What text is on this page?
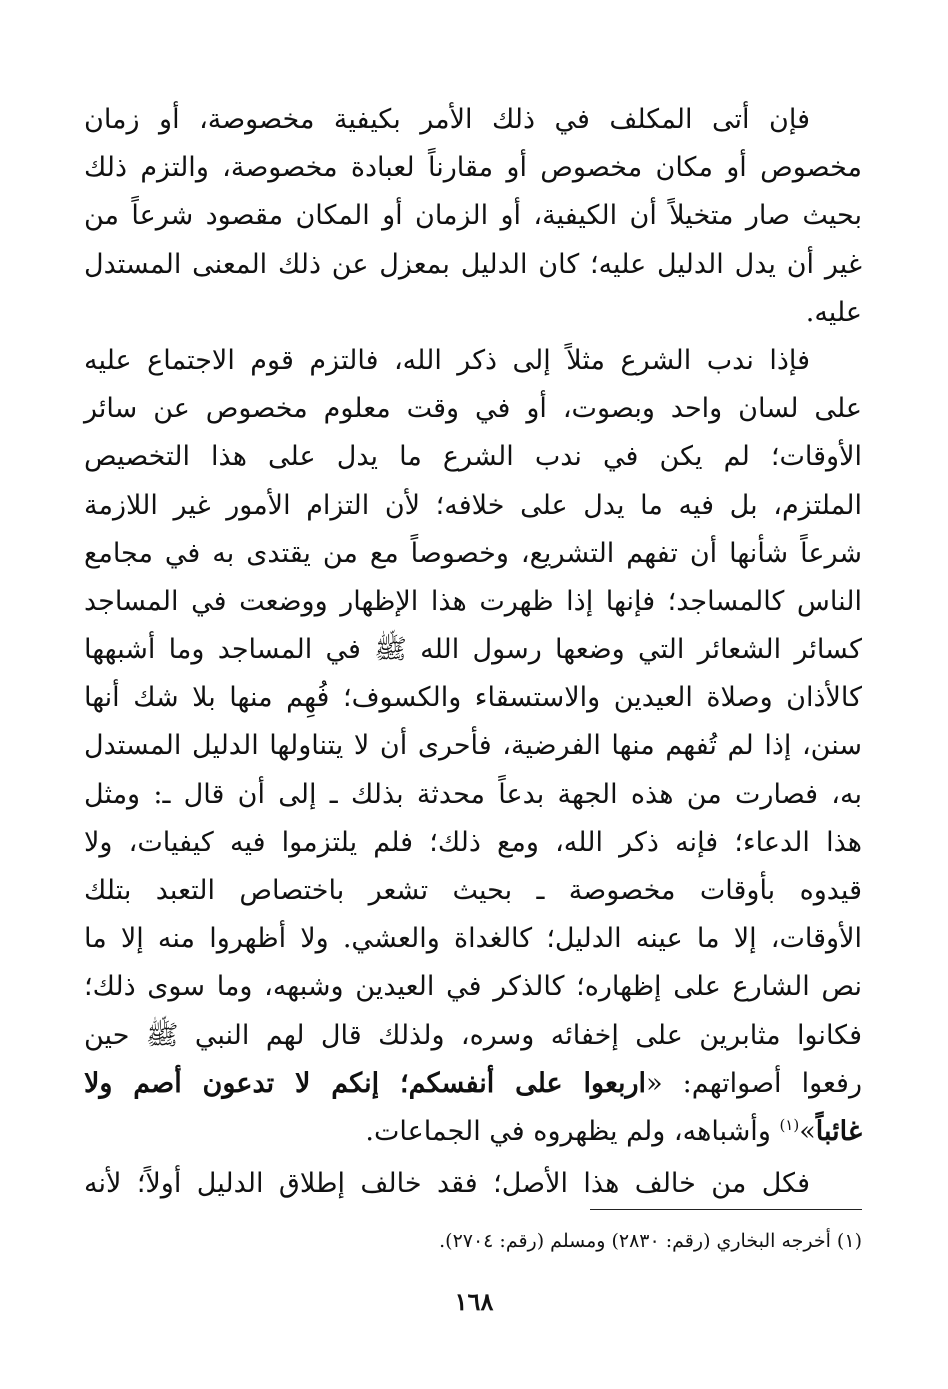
فإن أتى المكلف في ذلك الأمر بكيفية مخصوصة، أو زمان
مخصوص أو مكان مخصوص أو مقارناً لعبادة مخصوصة، والتزم ذلك
بحيث صار متخيلاً أن الكيفية، أو الزمان أو المكان مقصود شرعاً من
غير أن يدل الدليل عليه؛ كان الدليل بمعزل عن ذلك المعنى المستدل
عليه.
فإذا ندب الشرع مثلاً إلى ذكر الله، فالتزم قوم الاجتماع عليه
على لسان واحد وبصوت، أو في وقت معلوم مخصوص عن سائر
الأوقات؛ لم يكن في ندب الشرع ما يدل على هذا التخصيص
الملتزم، بل فيه ما يدل على خلافه؛ لأن التزام الأمور غير اللازمة
شرعاً شأنها أن تفهم التشريع، وخصوصاً مع من يقتدى به في مجامع
الناس كالمساجد؛ فإنها إذا ظهرت هذا الإظهار ووضعت في المساجد
كسائر الشعائر التي وضعها رسول الله ﷺ في المساجد وما أشبهها
كالأذان وصلاة العيدين والاستسقاء والكسوف؛ فُهِم منها بلا شك أنها
سنن، إذا لم تُفهم منها الفرضية، فأحرى أن لا يتناولها الدليل المستدل
به، فصارت من هذه الجهة بدعاً محدثة بذلك ـ إلى أن قال ـ: ومثل
هذا الدعاء؛ فإنه ذكر الله، ومع ذلك؛ فلم يلتزموا فيه كيفيات، ولا
قيدوه بأوقات مخصوصة ـ بحيث تشعر باختصاص التعبد بتلك
الأوقات، إلا ما عينه الدليل؛ كالغداة والعشي. ولا أظهروا منه إلا ما
نص الشارع على إظهاره؛ كالذكر في العيدين وشبهه، وما سوى ذلك؛
فكانوا مثابرين على إخفائه وسره، ولذلك قال لهم النبي ﷺ حين
رفعوا أصواتهم: «اربعوا على أنفسكم؛ إنكم لا تدعون أصم ولا
غائباً»$^{(١)}$ وأشباهه، ولم يظهروه في الجماعات.
فكل من خالف هذا الأصل؛ فقد خالف إطلاق الدليل أولاً؛ لأنه
(١) أخرجه البخاري (رقم: ٢٨٣٠) ومسلم (رقم: ٢٧٠٤).
١٦٨
